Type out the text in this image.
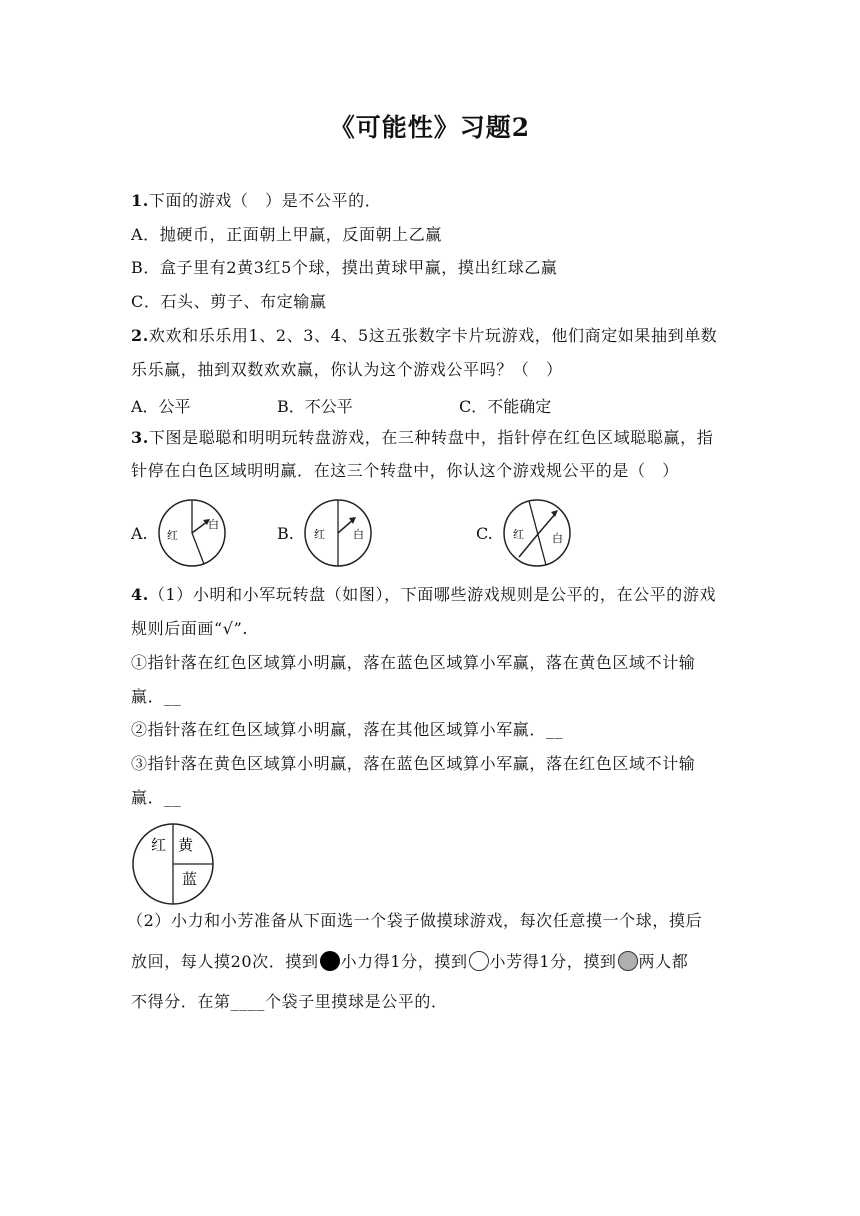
《可能性》习题2
1.下面的游戏（　）是不公平的．
A．抛硬币，正面朝上甲赢，反面朝上乙赢
B．盒子里有2黄3红5个球，摸出黄球甲赢，摸出红球乙赢
C．石头、剪子、布定输赢
2.欢欢和乐乐用1、2、3、4、5这五张数字卡片玩游戏，他们商定如果抽到单数
乐乐赢，抽到双数欢欢赢，你认为这个游戏公平吗？（　）
A．公平	B．不公平	C．不能确定
3.下图是聪聪和明明玩转盘游戏，在三种转盘中，指针停在红色区域聪聪赢，指
针停在白色区域明明赢．在这三个转盘中，你认这个游戏规公平的是（　）
A. 红
白	B. 红	白	C. 红	白
4.（1）小明和小军玩转盘（如图），下面哪些游戏规则是公平的，在公平的游戏
规则后面画“√”.
①指针落在红色区域算小明赢，落在蓝色区域算小军赢，落在黄色区域不计输
赢．__
②指针落在红色区域算小明赢，落在其他区域算小军赢．__
③指针落在黄色区域算小明赢，落在蓝色区域算小军赢，落在红色区域不计输
赢．__
红 黄
蓝
（2）小力和小芳准备从下面选一个袋子做摸球游戏，每次任意摸一个球，摸后
放回，每人摸20次．摸到 小力得1分，摸到 小芳得1分，摸到 两人都
不得分．在第____个袋子里摸球是公平的．
